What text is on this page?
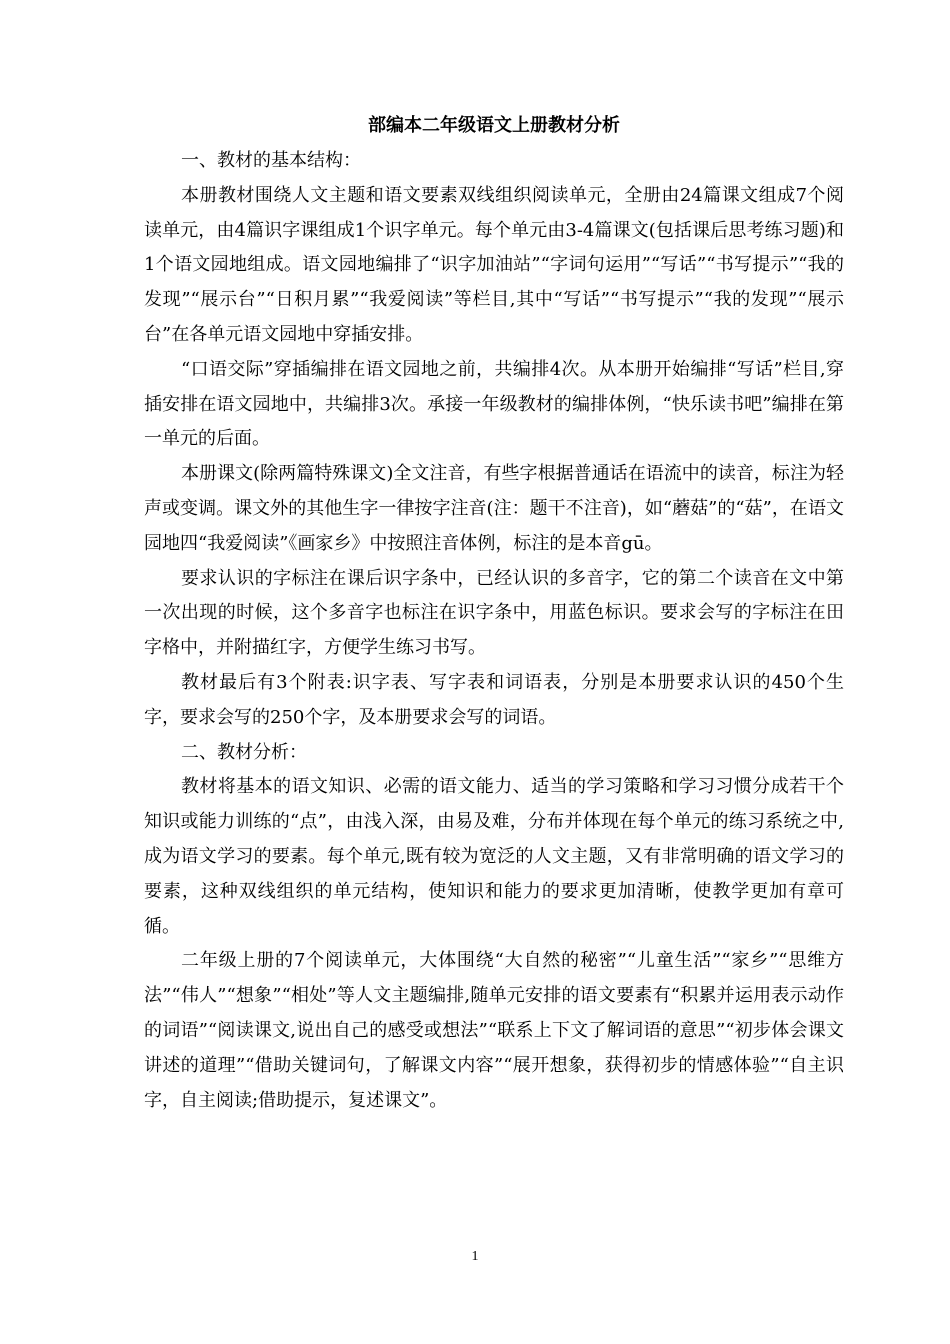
部编本二年级语文上册教材分析

一、教材的基本结构：

本册教材围绕人文主题和语文要素双线组织阅读单元，全册由24篇课文组成7个阅读单元，由4篇识字课组成1个识字单元。每个单元由3-4篇课文(包括课后思考练习题)和1个语文园地组成。语文园地编排了“识字加油站”“字词句运用”“写话”“书写提示”“我的发现”“展示台”“日积月累”“我爱阅读”等栏目,其中“写话”“书写提示”“我的发现”“展示台”在各单元语文园地中穿插安排。

“口语交际”穿插编排在语文园地之前，共编排4次。从本册开始编排“写话”栏目,穿插安排在语文园地中，共编排3次。承接一年级教材的编排体例，“快乐读书吧”编排在第一单元的后面。

本册课文(除两篇特殊课文)全文注音，有些字根据普通话在语流中的读音，标注为轻声或变调。课文外的其他生字一律按字注音(注：题干不注音)，如“蘑菇”的“菇”，在语文园地四“我爱阅读”《画家乡》中按照注音体例，标注的是本音gū。

要求认识的字标注在课后识字条中，已经认识的多音字，它的第二个读音在文中第一次出现的时候，这个多音字也标注在识字条中，用蓝色标识。要求会写的字标注在田字格中，并附描红字，方便学生练习书写。

教材最后有3个附表:识字表、写字表和词语表，分别是本册要求认识的450个生字，要求会写的250个字，及本册要求会写的词语。

二、教材分析：

教材将基本的语文知识、必需的语文能力、适当的学习策略和学习习惯分成若干个知识或能力训练的“点”，由浅入深，由易及难，分布并体现在每个单元的练习系统之中,成为语文学习的要素。每个单元,既有较为宽泛的人文主题，又有非常明确的语文学习的要素，这种双线组织的单元结构，使知识和能力的要求更加清晰，使教学更加有章可循。

二年级上册的7个阅读单元，大体围绕“大自然的秘密”“儿童生活”“家乡”“思维方法”“伟人”“想象”“相处”等人文主题编排,随单元安排的语文要素有“积累并运用表示动作的词语”“阅读课文,说出自己的感受或想法”“联系上下文了解词语的意思”“初步体会课文讲述的道理”“借助关键词句，了解课文内容”“展开想象，获得初步的情感体验”“自主识字，自主阅读;借助提示，复述课文”。

1
